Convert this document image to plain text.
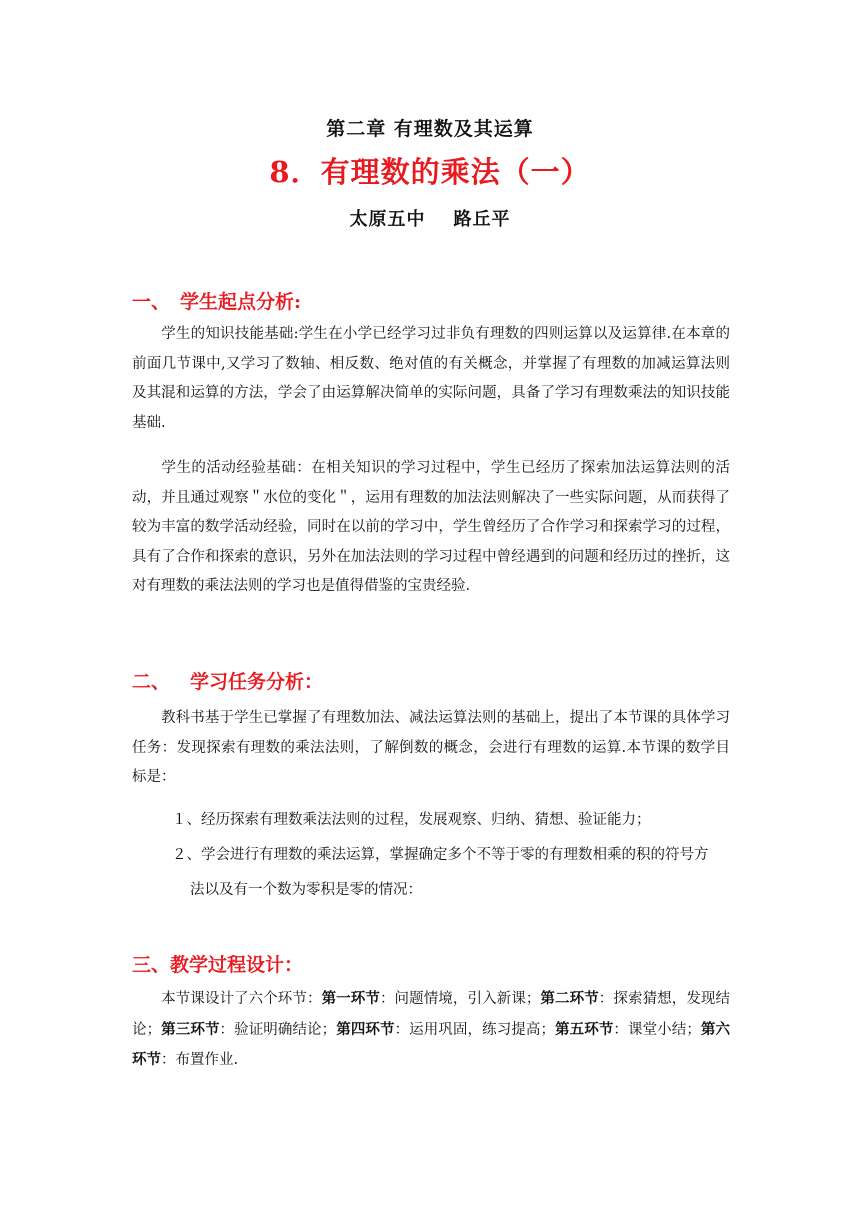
第二章 有理数及其运算
8．有理数的乘法（一）
太原五中 路丘平
一、 学生起点分析:

学生的知识技能基础:学生在小学已经学习过非负有理数的四则运算以及运算律.在本章的前面几节课中,又学习了数轴、相反数、绝对值的有关概念，并掌握了有理数的加减运算法则及其混和运算的方法，学会了由运算解决简单的实际问题，具备了学习有理数乘法的知识技能基础.

学生的活动经验基础：在相关知识的学习过程中，学生已经历了探索加法运算法则的活动，并且通过观察＂水位的变化＂，运用有理数的加法法则解决了一些实际问题，从而获得了较为丰富的数学活动经验，同时在以前的学习中，学生曾经历了合作学习和探索学习的过程，具有了合作和探索的意识，另外在加法法则的学习过程中曾经遇到的问题和经历过的挫折，这对有理数的乘法法则的学习也是值得借鉴的宝贵经验.

二、 学习任务分析：

教科书基于学生已掌握了有理数加法、减法运算法则的基础上，提出了本节课的具体学习任务：发现探索有理数的乘法法则，了解倒数的概念，会进行有理数的运算.本节课的数学目标是：

１、经历探索有理数乘法法则的过程，发展观察、归纳、猜想、验证能力；

２、学会进行有理数的乘法运算，掌握确定多个不等于零的有理数相乘的积的符号方

法以及有一个数为零积是零的情况：

三、教学过程设计：

本节课设计了六个环节：第一环节：问题情境，引入新课；第二环节：探索猜想，发现结论；第三环节：验证明确结论；第四环节：运用巩固，练习提高；第五环节：课堂小结；第六环节：布置作业.
